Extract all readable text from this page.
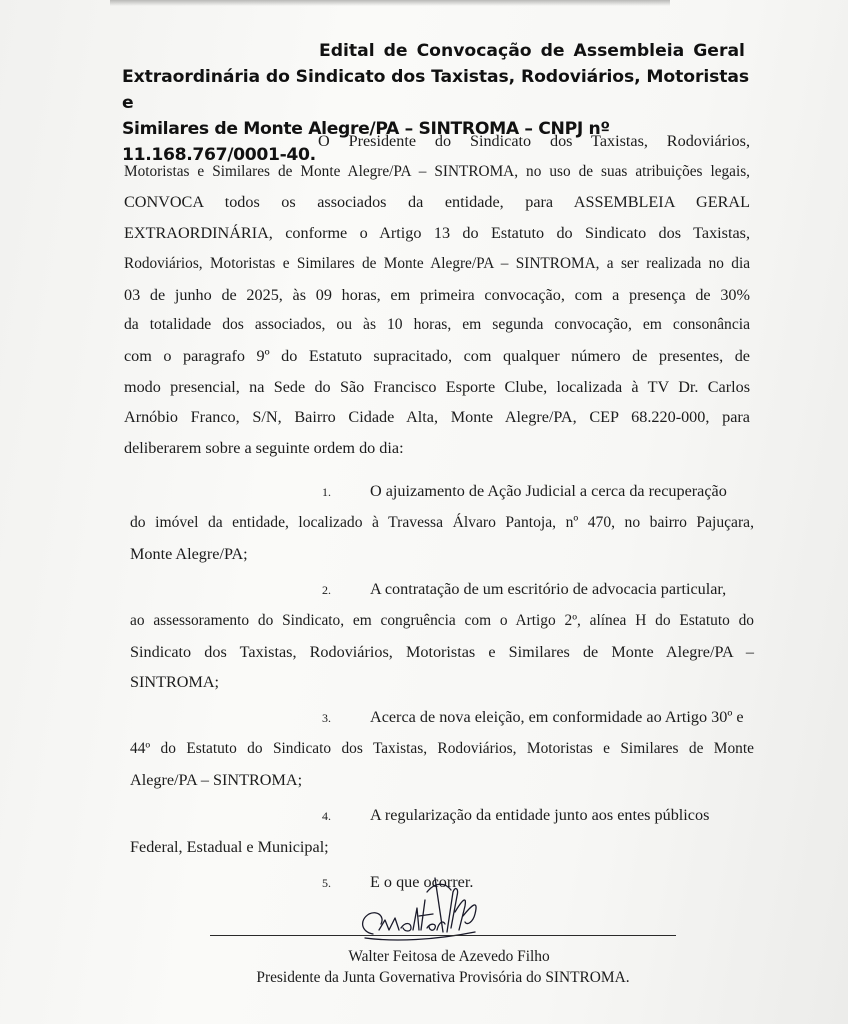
Edital de Convocação de Assembleia Geral
Extraordinária do Sindicato dos Taxistas, Rodoviários, Motoristas e
Similares de Monte Alegre/PA – SINTROMA – CNPJ nº 11.168.767/0001-40.
O Presidente do Sindicato dos Taxistas, Rodoviários,
Motoristas e Similares de Monte Alegre/PA – SINTROMA, no uso de suas atribuições legais,
CONVOCA todos os associados da entidade, para ASSEMBLEIA GERAL
EXTRAORDINÁRIA, conforme o Artigo 13 do Estatuto do Sindicato dos Taxistas,
Rodoviários, Motoristas e Similares de Monte Alegre/PA – SINTROMA, a ser realizada no dia
03 de junho de 2025, às 09 horas, em primeira convocação, com a presença de 30%
da totalidade dos associados, ou às 10 horas, em segunda convocação, em consonância
com o paragrafo 9º do Estatuto supracitado, com qualquer número de presentes, de
modo presencial, na Sede do São Francisco Esporte Clube, localizada à TV Dr. Carlos
Arnóbio Franco, S/N, Bairro Cidade Alta, Monte Alegre/PA, CEP 68.220-000, para
deliberarem sobre a seguinte ordem do dia:
1. O ajuizamento de Ação Judicial a cerca da recuperação
do imóvel da entidade, localizado à Travessa Álvaro Pantoja, nº 470, no bairro Pajuçara,
Monte Alegre/PA;
2. A contratação de um escritório de advocacia particular,
ao assessoramento do Sindicato, em congruência com o Artigo 2º, alínea H do Estatuto do
Sindicato dos Taxistas, Rodoviários, Motoristas e Similares de Monte Alegre/PA –
SINTROMA;
3. Acerca de nova eleição, em conformidade ao Artigo 30º e
44º do Estatuto do Sindicato dos Taxistas, Rodoviários, Motoristas e Similares de Monte
Alegre/PA – SINTROMA;
4. A regularização da entidade junto aos entes públicos
Federal, Estadual e Municipal;
5. E o que ocorrer.
Walter Feitosa de Azevedo Filho
Presidente da Junta Governativa Provisória do SINTROMA.
